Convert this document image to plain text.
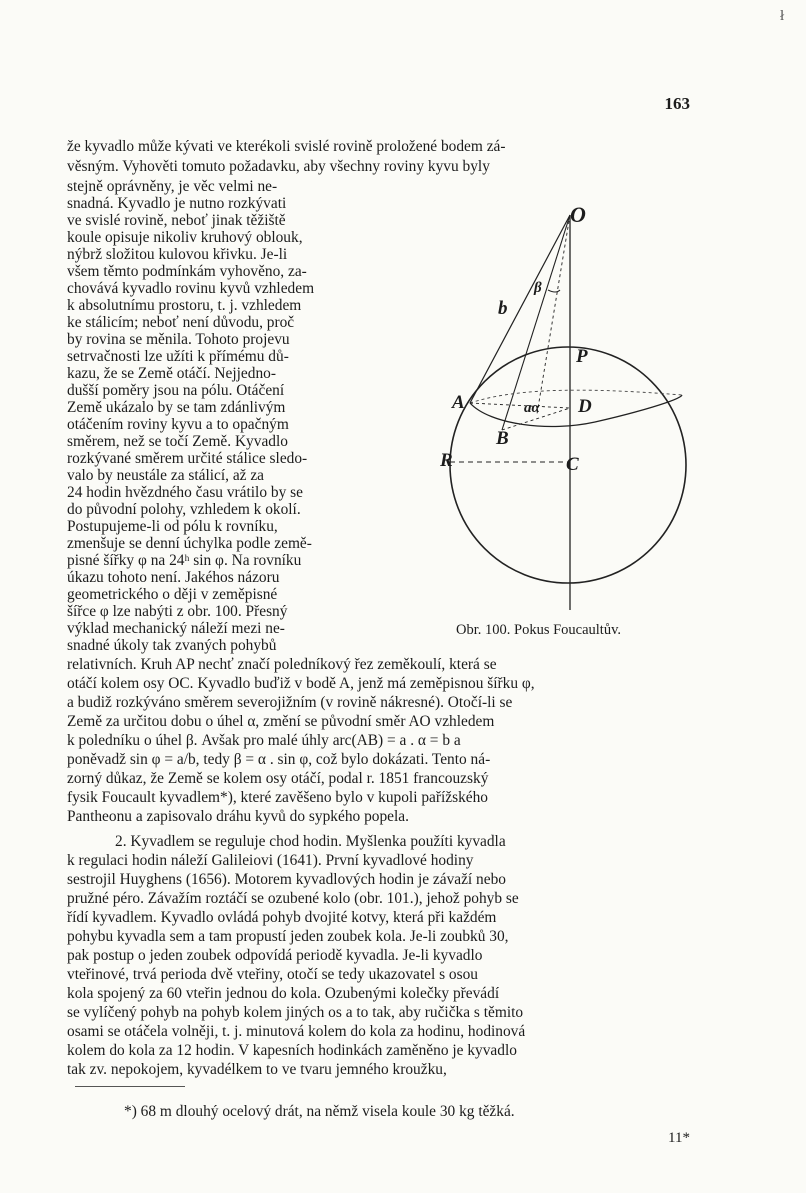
ł
163
že kyvadlo může kývati ve kterékoli svislé rovině proložené bodem zá-
věsným. Vyhověti tomuto požadavku, aby všechny roviny kyvu byly
stejně oprávněny, je věc velmi ne-
snadná. Kyvadlo je nutno rozkývati
ve svislé rovině, neboť jinak těžiště
koule opisuje nikoliv kruhový oblouk,
nýbrž složitou kulovou křivku. Je-li
všem těmto podmínkám vyhověno, za-
chovává kyvadlo rovinu kyvů vzhledem
k absolutnímu prostoru, t. j. vzhledem
ke stálicím; neboť není důvodu, proč
by rovina se měnila. Tohoto projevu
setrvačnosti lze užíti k přímému dů-
kazu, že se Země otáčí. Nejjedno-
dušší poměry jsou na pólu. Otáčení
Země ukázalo by se tam zdánlivým
otáčením roviny kyvu a to opačným
směrem, než se točí Země. Kyvadlo
rozkývané směrem určité stálice sledo-
valo by neustále za stálicí, až za
24 hodin hvězdného času vrátilo by se
do původní polohy, vzhledem k okolí.
Postupujeme-li od pólu k rovníku,
zmenšuje se denní úchylka podle země-
pisné šířky φ na 24ʰ sin φ. Na rovníku
úkazu tohoto není. Jakéhos názoru
geometrického o ději v zeměpisné
šířce φ lze nabýti z obr. 100. Přesný
výklad mechanický náleží mezi ne-
snadné úkoly tak zvaných pohybů
O
b
β
P
A	aα D
B
R	C
Obr. 100. Pokus Foucaultův.
relativních. Kruh AP nechť značí poledníkový řez zeměkoulí, která se
otáčí kolem osy OC. Kyvadlo buďiž v bodě A, jenž má zeměpisnou šířku φ,
a budiž rozkýváno směrem severojižním (v rovině nákresné). Otočí-li se
Země za určitou dobu o úhel α, změní se původní směr AO vzhledem
k poledníku o úhel β. Avšak pro malé úhly arc(AB) = a . α = b a
poněvadž sin φ = a/b, tedy β = α . sin φ, což bylo dokázati. Tento ná-
zorný důkaz, že Země se kolem osy otáčí, podal r. 1851 francouzský
fysik Foucault kyvadlem*), které zavěšeno bylo v kupoli pařížského
Pantheonu a zapisovalo dráhu kyvů do sypkého popela.
2. Kyvadlem se reguluje chod hodin. Myšlenka použíti kyvadla
k regulaci hodin náleží Galileiovi (1641). První kyvadlové hodiny
sestrojil Huyghens (1656). Motorem kyvadlových hodin je závaží nebo
pružné péro. Závažím roztáčí se ozubené kolo (obr. 101.), jehož pohyb se
řídí kyvadlem. Kyvadlo ovládá pohyb dvojité kotvy, která při každém
pohybu kyvadla sem a tam propustí jeden zoubek kola. Je-li zoubků 30,
pak postup o jeden zoubek odpovídá periodě kyvadla. Je-li kyvadlo
vteřinové, trvá perioda dvě vteřiny, otočí se tedy ukazovatel s osou
kola spojený za 60 vteřin jednou do kola. Ozubenými kolečky převádí
se vylíčený pohyb na pohyb kolem jiných os a to tak, aby ručička s těmito
osami se otáčela volněji, t. j. minutová kolem do kola za hodinu, hodinová
kolem do kola za 12 hodin. V kapesních hodinkách zaměněno je kyvadlo
tak zv. nepokojem, kyvadélkem to ve tvaru jemného kroužku,
*) 68 m dlouhý ocelový drát, na němž visela koule 30 kg těžká.
11*
